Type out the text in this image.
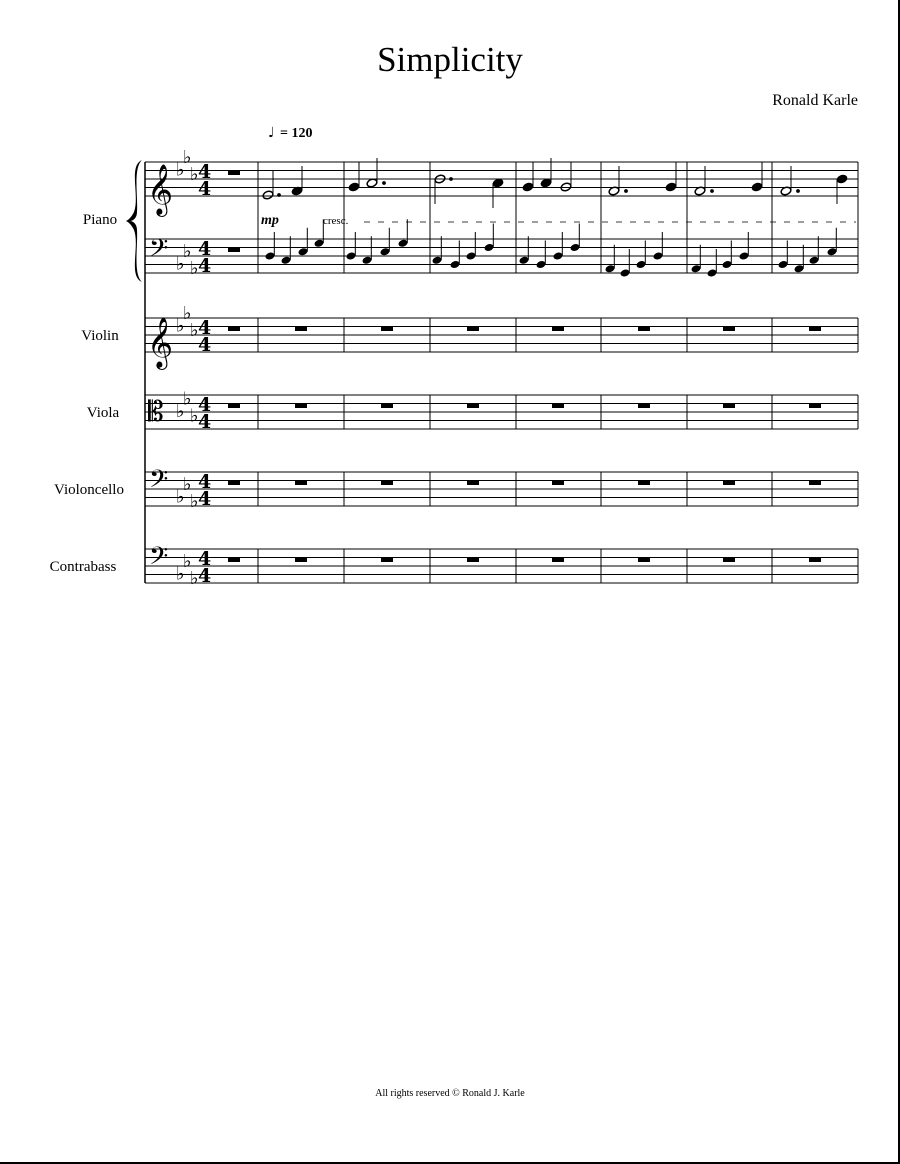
Simplicity
Ronald Karle
♩ = 120
Piano
Violin
Viola
Violoncello
Contrabass
𝄞
𝄢
𝄞
𝄡
𝄢
𝄢
♭
♭
♭
♭
♭
♭
♭
♭
♭
♭
♭
♭
♭
♭
♭
♭
♭
♭
4
4
4
4
4
4
4
4
4
4
4
4
mp	cresc.
All rights reserved © Ronald J. Karle
